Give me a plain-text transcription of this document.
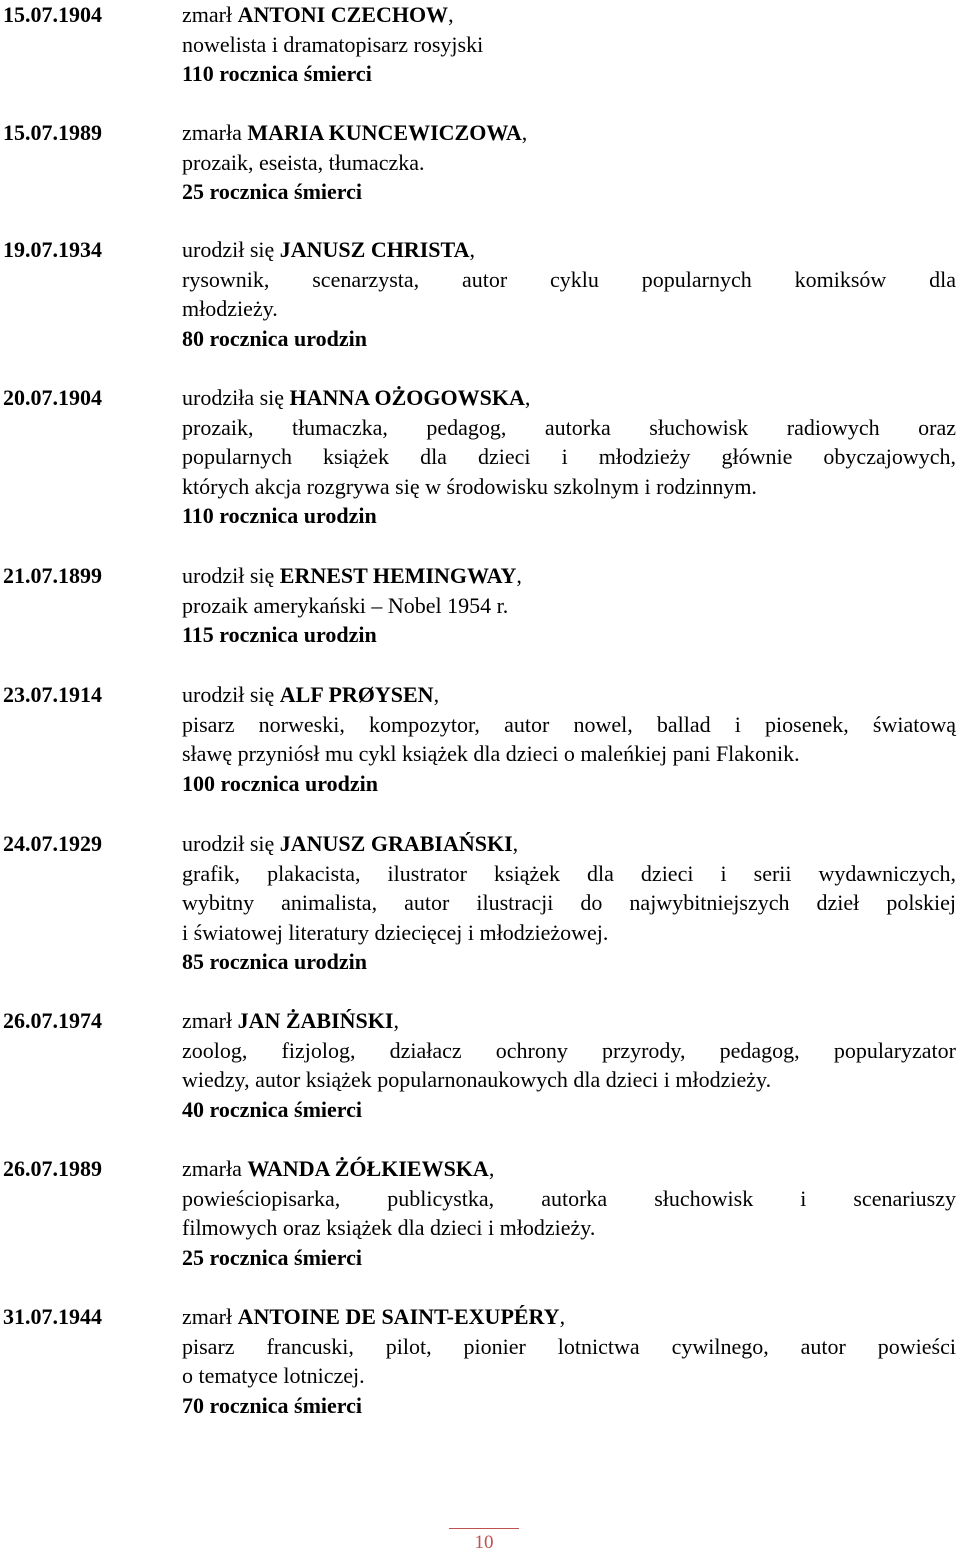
15.07.1904	zmarł ANTONI CZECHOW,
nowelista i dramatopisarz rosyjski
110 rocznica śmierci
15.07.1989	zmarła MARIA KUNCEWICZOWA,
prozaik, eseista, tłumaczka.
25 rocznica śmierci
19.07.1934	urodził się JANUSZ CHRISTA,
rysownik, scenarzysta, autor cyklu popularnych komiksów dla
młodzieży.
80 rocznica urodzin
20.07.1904	urodziła się HANNA OŻOGOWSKA,
prozaik, tłumaczka, pedagog, autorka słuchowisk radiowych oraz
popularnych książek dla dzieci i młodzieży głównie obyczajowych,
których akcja rozgrywa się w środowisku szkolnym i rodzinnym.
110 rocznica urodzin
21.07.1899	urodził się ERNEST HEMINGWAY,
prozaik amerykański – Nobel 1954 r.
115 rocznica urodzin
23.07.1914	urodził się ALF PRØYSEN,
pisarz norweski, kompozytor, autor nowel, ballad i piosenek, światową
sławę przyniósł mu cykl książek dla dzieci o maleńkiej pani Flakonik.
100 rocznica urodzin
24.07.1929	urodził się JANUSZ GRABIAŃSKI,
grafik, plakacista, ilustrator książek dla dzieci i serii wydawniczych,
wybitny animalista, autor ilustracji do najwybitniejszych dzieł polskiej
i światowej literatury dziecięcej i młodzieżowej.
85 rocznica urodzin
26.07.1974	zmarł JAN ŻABIŃSKI,
zoolog, fizjolog, działacz ochrony przyrody, pedagog, popularyzator
wiedzy, autor książek popularnonaukowych dla dzieci i młodzieży.
40 rocznica śmierci
26.07.1989	zmarła WANDA ŻÓŁKIEWSKA,
powieściopisarka, publicystka, autorka słuchowisk i scenariuszy
filmowych oraz książek dla dzieci i młodzieży.
25 rocznica śmierci
31.07.1944	zmarł ANTOINE DE SAINT-EXUPÉRY,
pisarz francuski, pilot, pionier lotnictwa cywilnego, autor powieści
o tematyce lotniczej.
70 rocznica śmierci
10
